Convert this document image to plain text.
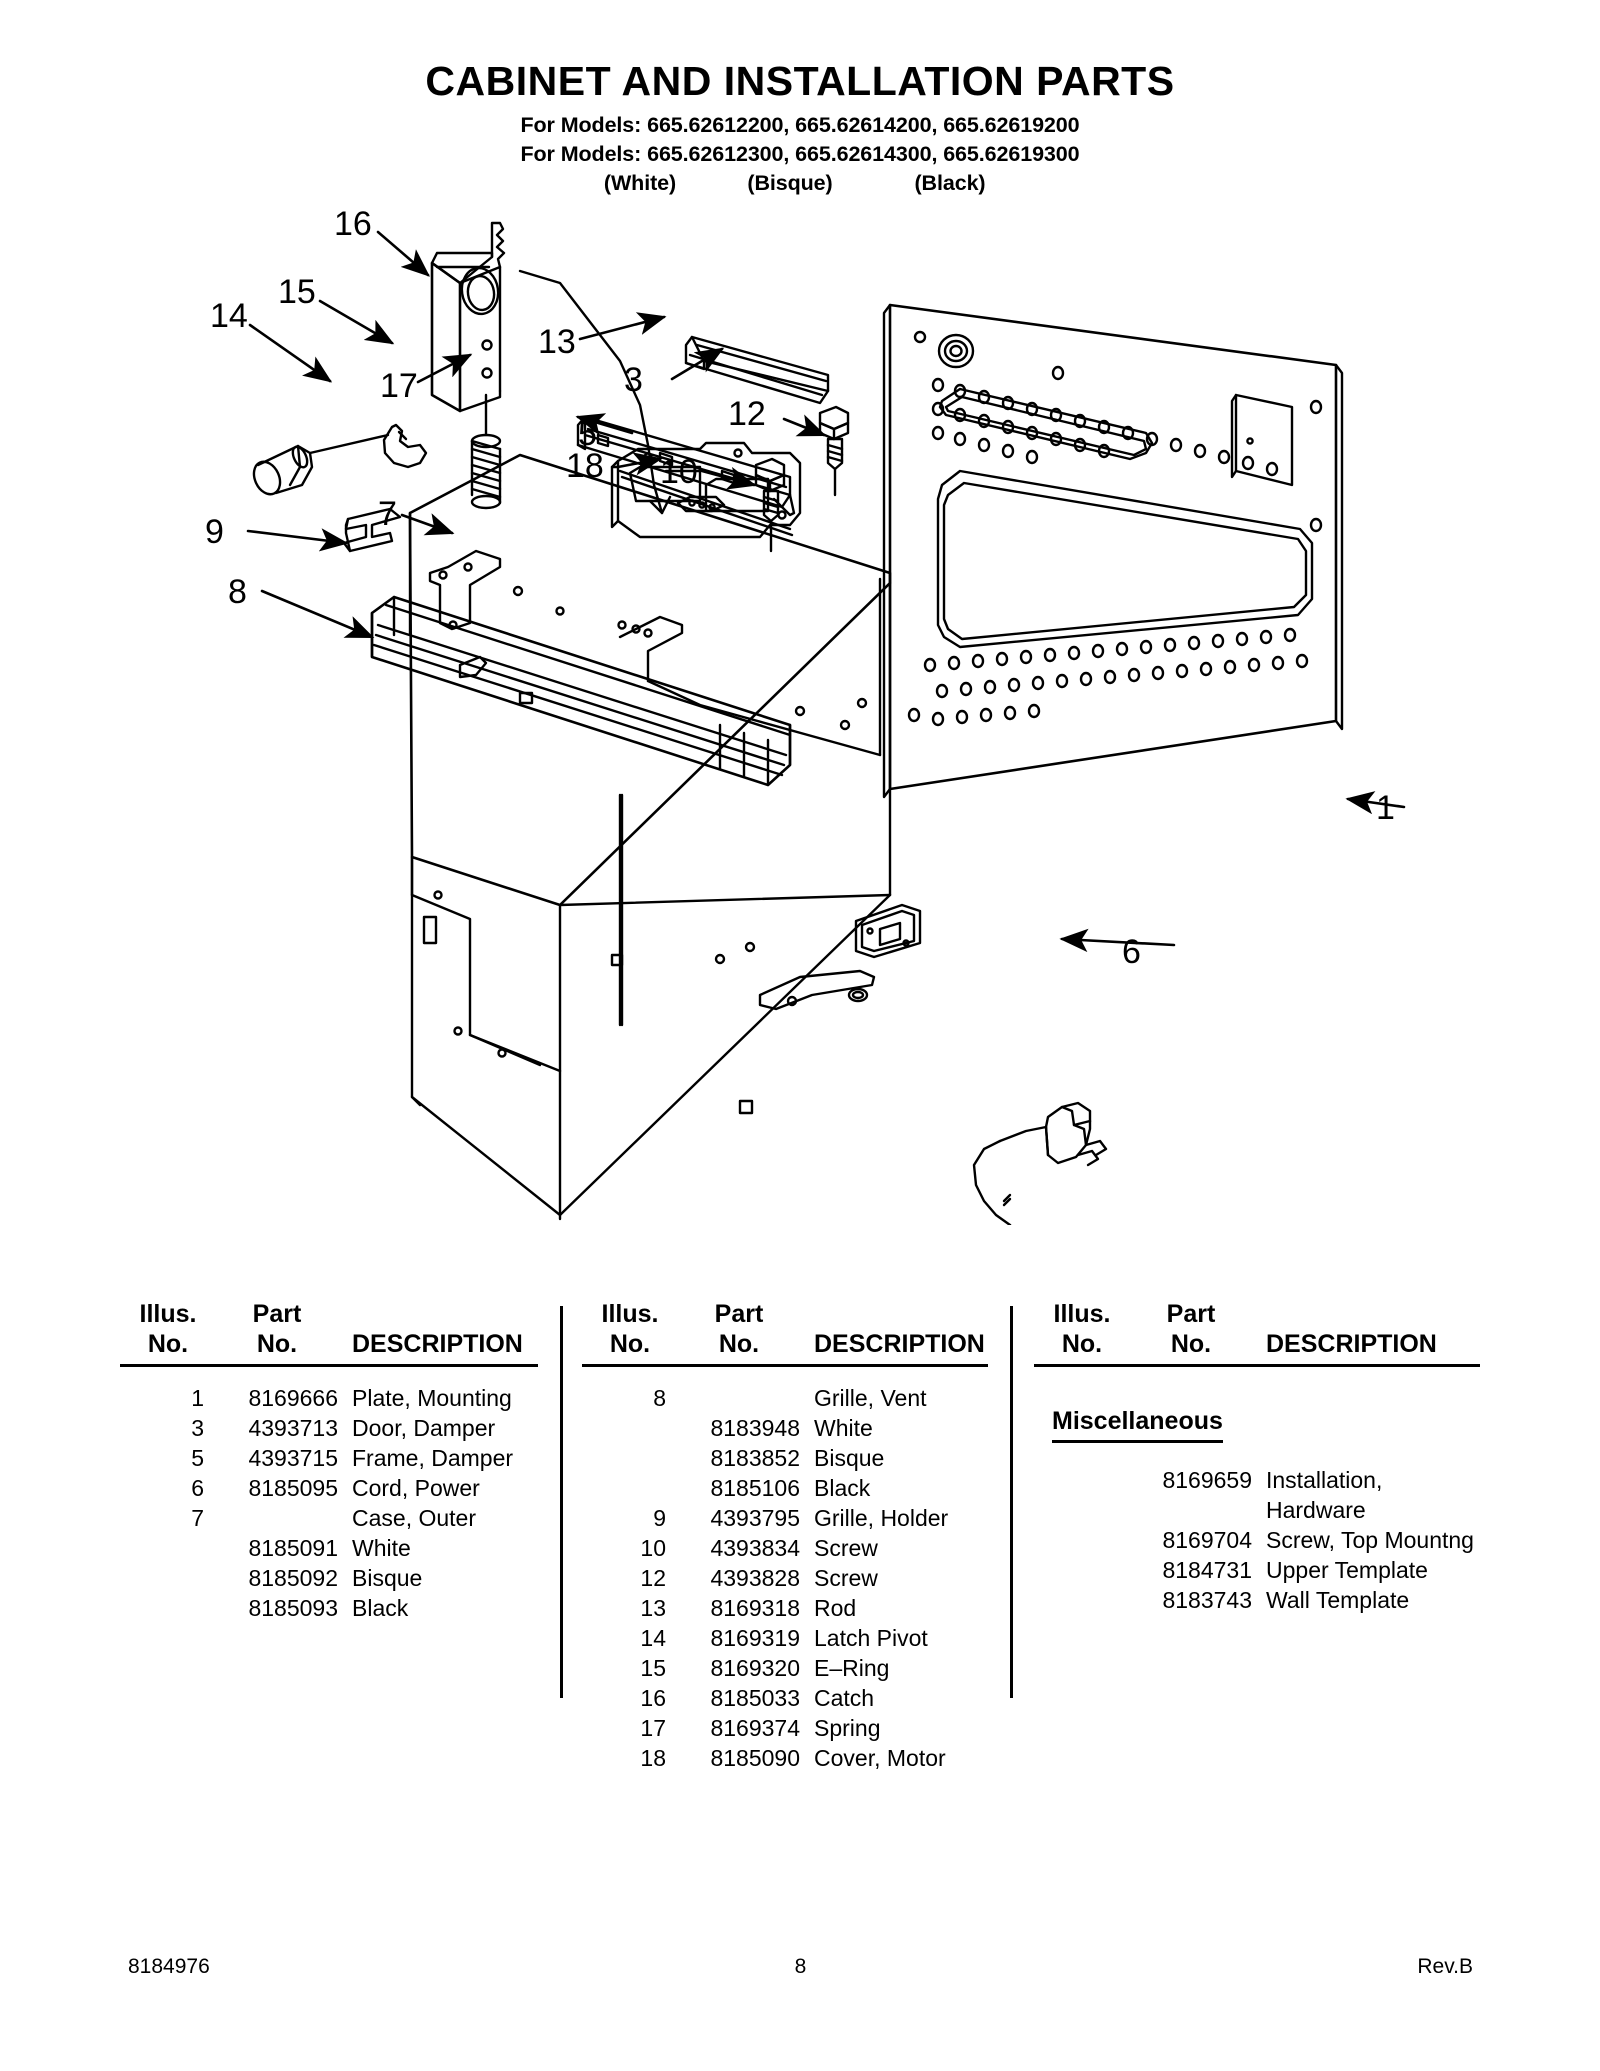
CABINET AND INSTALLATION PARTS
For Models: 665.62612200, 665.62614200, 665.62619200
For Models: 665.62612300, 665.62614300, 665.62619300
(White)	(Bisque)	(Black)
16
15
14
17
13
3
5
12
10
18
9	7
8
6
1
Illus.	Part
No.	No.	DESCRIPTION
1	8169666 Plate, Mounting
3	4393713 Door, Damper
5	4393715 Frame, Damper
6	8185095 Cord, Power
7	Case, Outer
8185091 White
8185092 Bisque
8185093 Black
Illus.	Part
No.	No.	DESCRIPTION
8	Grille, Vent
8183948 White
8183852 Bisque
8185106 Black
9	4393795 Grille, Holder
10	4393834 Screw
12	4393828 Screw
13	8169318 Rod
14	8169319 Latch Pivot
15	8169320 E–Ring
16	8185033 Catch
17	8169374 Spring
18	8185090 Cover, Motor
Illus.	Part
No.	No.	DESCRIPTION
Miscellaneous
8169659 Installation,
Hardware
8169704 Screw, Top Mountng
8184731 Upper Template
8183743 Wall Template
8184976	8	Rev.B
